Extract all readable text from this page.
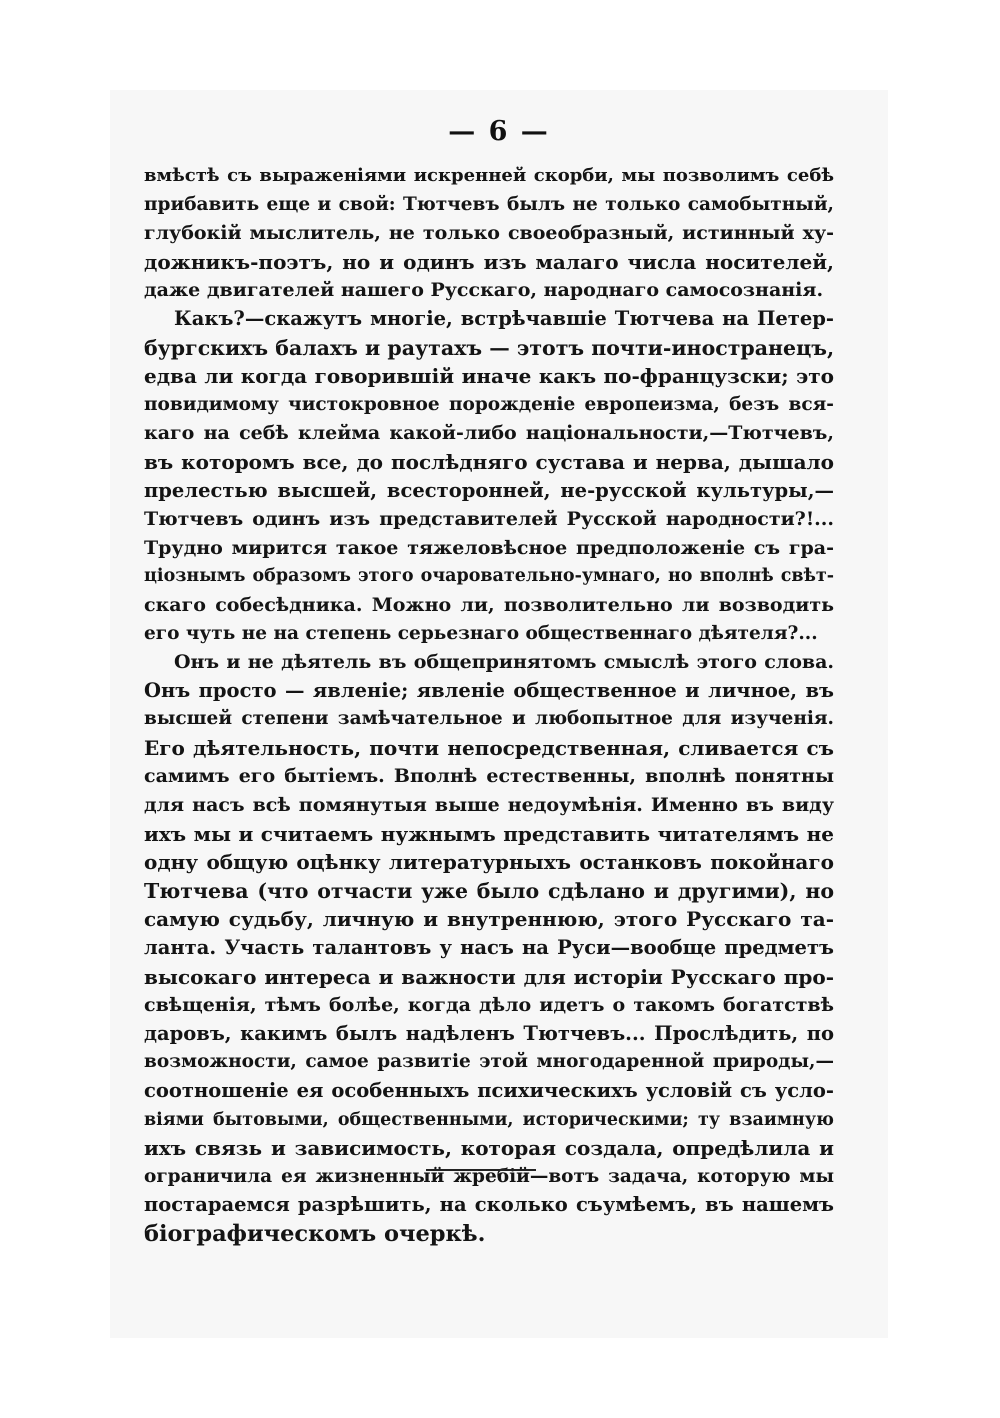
— 6 —
вмѣстѣ съ выраженіями искренней скорби, мы позволимъ себѣ
прибавить еще и свой: Тютчевъ былъ не только самобытный,
глубокій мыслитель, не только своеобразный, истинный ху-
дожникъ-поэтъ, но и одинъ изъ малаго числа носителей,
даже двигателей нашего Русскаго, народнаго самосознанія.
Какъ?—скажутъ многіе, встрѣчавшіе Тютчева на Петер-
бургскихъ балахъ и раутахъ — этотъ почти-иностранецъ,
едва ли когда говорившій иначе какъ по-французски; это
повидимому чистокровное порожденіе европеизма, безъ вся-
каго на себѣ клейма какой-либо національности,—Тютчевъ,
въ которомъ все, до послѣдняго сустава и нерва, дышало
прелестью высшей, всесторонней, не-русской культуры,—
Тютчевъ одинъ изъ представителей Русской народности?!...
Трудно мирится такое тяжеловѣсное предположеніе съ гра-
ціознымъ образомъ этого очаровательно-умнаго, но вполнѣ свѣт-
скаго собесѣдника. Можно ли, позволительно ли возводить
его чуть не на степень серьезнаго общественнаго дѣятеля?...
Онъ и не дѣятель въ общепринятомъ смыслѣ этого слова.
Онъ просто — явленіе; явленіе общественное и личное, въ
высшей степени замѣчательное и любопытное для изученія.
Его дѣятельность, почти непосредственная, сливается съ
самимъ его бытіемъ. Вполнѣ естественны, вполнѣ понятны
для насъ всѣ помянутыя выше недоумѣнія. Именно въ виду
ихъ мы и считаемъ нужнымъ представить читателямъ не
одну общую оцѣнку литературныхъ останковъ покойнаго
Тютчева (что отчасти уже было сдѣлано и другими), но
самую судьбу, личную и внутреннюю, этого Русскаго та-
ланта. Участь талантовъ у насъ на Руси—вообще предметъ
высокаго интереса и важности для исторіи Русскаго про-
свѣщенія, тѣмъ болѣе, когда дѣло идетъ о такомъ богатствѣ
даровъ, какимъ былъ надѣленъ Тютчевъ... Прослѣдить, по
возможности, самое развитіе этой многодаренной природы,—
соотношеніе ея особенныхъ психическихъ условій съ усло-
віями бытовыми, общественными, историческими; ту взаимную
ихъ связь и зависимость, которая создала, опредѣлила и
ограничила ея жизненный жребій—вотъ задача, которую мы
постараемся разрѣшить, на сколько съумѣемъ, въ нашемъ
біографическомъ очеркѣ.
